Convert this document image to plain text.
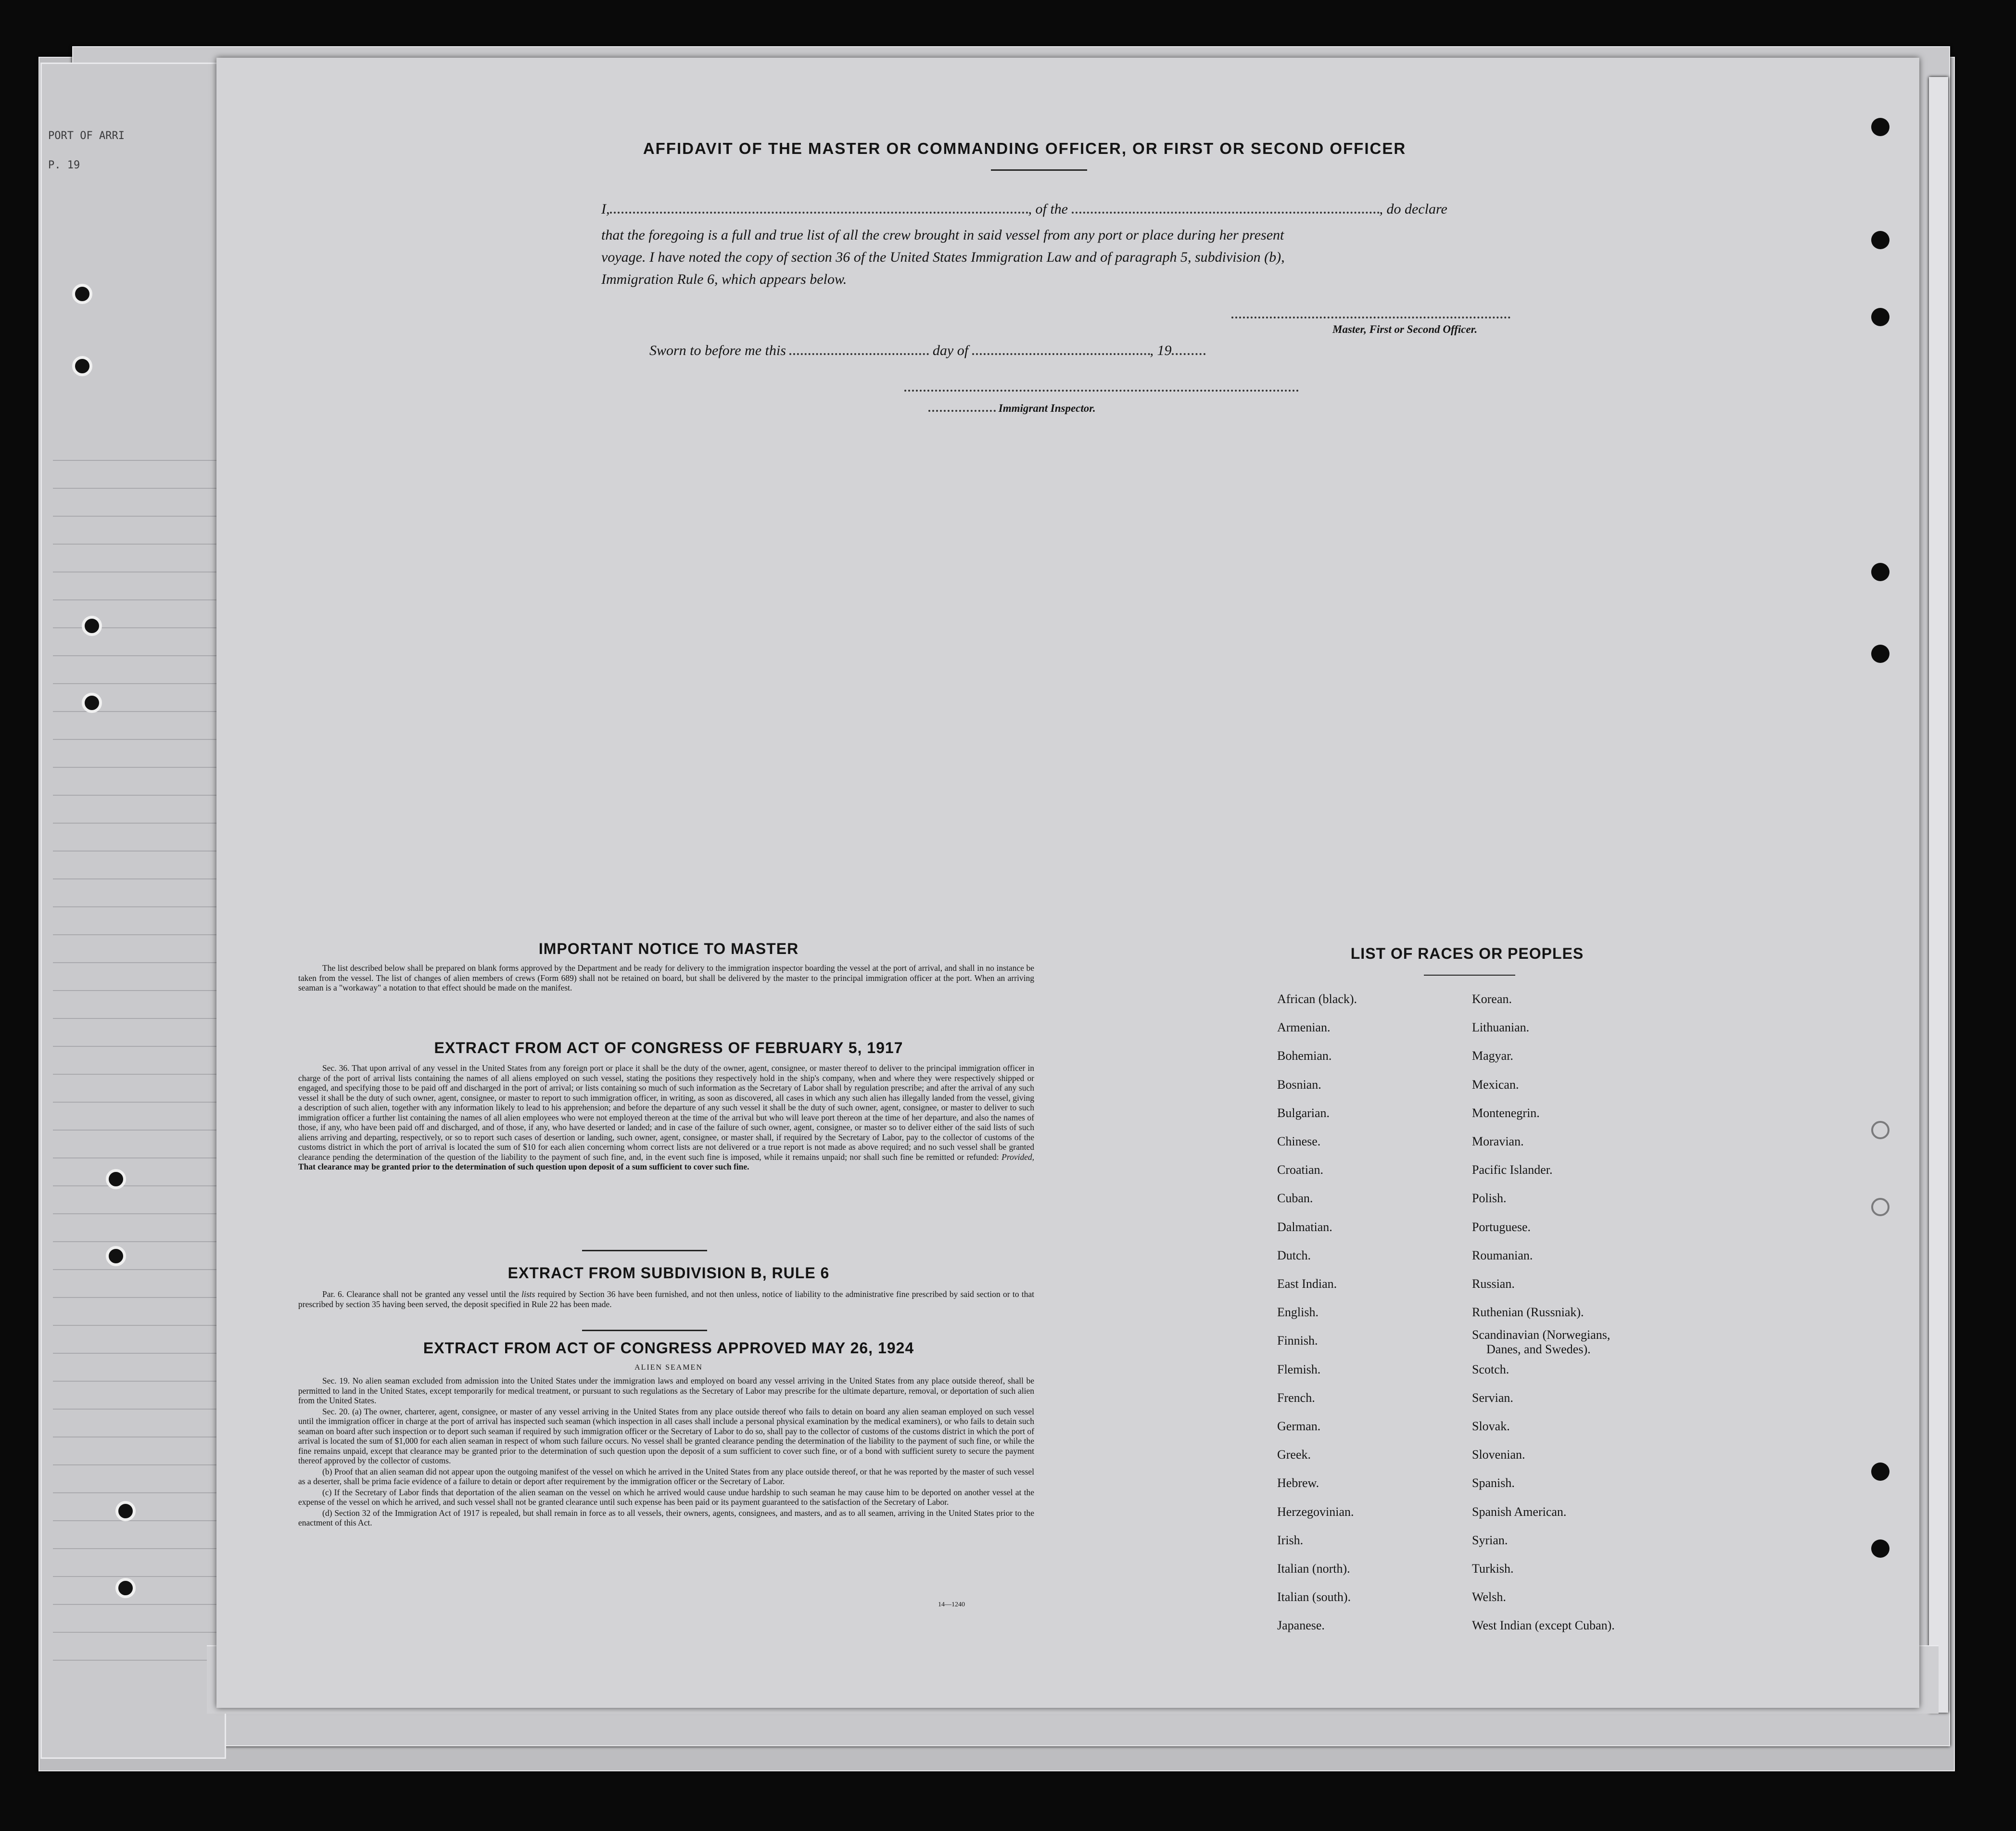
PORT OF ARRI
P. 19
AFFIDAVIT OF THE MASTER OR COMMANDING OFFICER, OR FIRST OR SECOND OFFICER
I,	, of the	, do declare
that the foregoing is a full and true list of all the crew brought in said vessel from any port or place during her present
voyage. I have noted the copy of section 36 of the United States Immigration Law and of paragraph 5, subdivision (b),
Immigration Rule 6, which appears below.
Master, First or Second Officer.
Sworn to before me this	day of	, 19
Immigrant Inspector.
IMPORTANT NOTICE TO MASTER

The list described below shall be prepared on blank forms approved by the Department and be ready for delivery to the immigration inspector boarding the vessel at the port of arrival, and shall in no instance be taken from the vessel. The list of changes of alien members of crews (Form 689) shall not be retained on board, but shall be delivered by the master to the principal immigration officer at the port. When an arriving seaman is a "workaway" a notation to that effect should be made on the manifest.

EXTRACT FROM ACT OF CONGRESS OF FEBRUARY 5, 1917

Sec. 36. That upon arrival of any vessel in the United States from any foreign port or place it shall be the duty of the owner, agent, consignee, or master thereof to deliver to the principal immigration officer in charge of the port of arrival lists containing the names of all aliens employed on such vessel, stating the positions they respectively hold in the ship's company, when and where they were respectively shipped or engaged, and specifying those to be paid off and discharged in the port of arrival; or lists containing so much of such information as the Secretary of Labor shall by regulation prescribe; and after the arrival of any such vessel it shall be the duty of such owner, agent, consignee, or master to report to such immigration officer, in writing, as soon as discovered, all cases in which any such alien has illegally landed from the vessel, giving a description of such alien, together with any information likely to lead to his apprehension; and before the departure of any such vessel it shall be the duty of such owner, agent, consignee, or master to deliver to such immigration officer a further list containing the names of all alien employees who were not employed thereon at the time of the arrival but who will leave port thereon at the time of her departure, and also the names of those, if any, who have been paid off and discharged, and of those, if any, who have deserted or landed; and in case of the failure of such owner, agent, consignee, or master so to deliver either of the said lists of such aliens arriving and departing, respectively, or so to report such cases of desertion or landing, such owner, agent, consignee, or master shall, if required by the Secretary of Labor, pay to the collector of customs of the customs district in which the port of arrival is located the sum of $10 for each alien concerning whom correct lists are not delivered or a true report is not made as above required; and no such vessel shall be granted clearance pending the determination of the question of the liability to the payment of such fine, and, in the event such fine is imposed, while it remains unpaid; nor shall such fine be remitted or refunded: Provided, That clearance may be granted prior to the determination of such question upon deposit of a sum sufficient to cover such fine.

EXTRACT FROM SUBDIVISION B, RULE 6

Par. 6. Clearance shall not be granted any vessel until the lists required by Section 36 have been furnished, and not then unless, notice of liability to the administrative fine prescribed by said section or to that prescribed by section 35 having been served, the deposit specified in Rule 22 has been made.

EXTRACT FROM ACT OF CONGRESS APPROVED MAY 26, 1924
ALIEN SEAMEN

Sec. 19. No alien seaman excluded from admission into the United States under the immigration laws and employed on board any vessel arriving in the United States from any place outside thereof, shall be permitted to land in the United States, except temporarily for medical treatment, or pursuant to such regulations as the Secretary of Labor may prescribe for the ultimate departure, removal, or deportation of such alien from the United States.

Sec. 20. (a) The owner, charterer, agent, consignee, or master of any vessel arriving in the United States from any place outside thereof who fails to detain on board any alien seaman employed on such vessel until the immigration officer in charge at the port of arrival has inspected such seaman (which inspection in all cases shall include a personal physical examination by the medical examiners), or who fails to detain such seaman on board after such inspection or to deport such seaman if required by such immigration officer or the Secretary of Labor to do so, shall pay to the collector of customs of the customs district in which the port of arrival is located the sum of $1,000 for each alien seaman in respect of whom such failure occurs. No vessel shall be granted clearance pending the determination of the liability to the payment of such fine, or while the fine remains unpaid, except that clearance may be granted prior to the determination of such question upon the deposit of a sum sufficient to cover such fine, or of a bond with sufficient surety to secure the payment thereof approved by the collector of customs.

(b) Proof that an alien seaman did not appear upon the outgoing manifest of the vessel on which he arrived in the United States from any place outside thereof, or that he was reported by the master of such vessel as a deserter, shall be prima facie evidence of a failure to detain or deport after requirement by the immigration officer or the Secretary of Labor.

(c) If the Secretary of Labor finds that deportation of the alien seaman on the vessel on which he arrived would cause undue hardship to such seaman he may cause him to be deported on another vessel at the expense of the vessel on which he arrived, and such vessel shall not be granted clearance until such expense has been paid or its payment guaranteed to the satisfaction of the Secretary of Labor.

(d) Section 32 of the Immigration Act of 1917 is repealed, but shall remain in force as to all vessels, their owners, agents, consignees, and masters, and as to all seamen, arriving in the United States prior to the enactment of this Act.

14—1240
LIST OF RACES OR PEOPLES
African (black).
Armenian.
Bohemian.
Bosnian.
Bulgarian.
Chinese.
Croatian.
Cuban.
Dalmatian.
Dutch.
East Indian.
English.
Finnish.
Flemish.
French.
German.
Greek.
Hebrew.
Herzegovinian.
Irish.
Italian (north).
Italian (south).
Japanese.
Korean.
Lithuanian.
Magyar.
Mexican.
Montenegrin.
Moravian.
Pacific Islander.
Polish.
Portuguese.
Roumanian.
Russian.
Ruthenian (Russniak).
Scandinavian (Norwegians,
Scotch.
Servian.
Slovak.
Slovenian.
Spanish.
Spanish American.
Syrian.
Turkish.
Welsh.
West Indian (except Cuban).
Danes, and Swedes).
